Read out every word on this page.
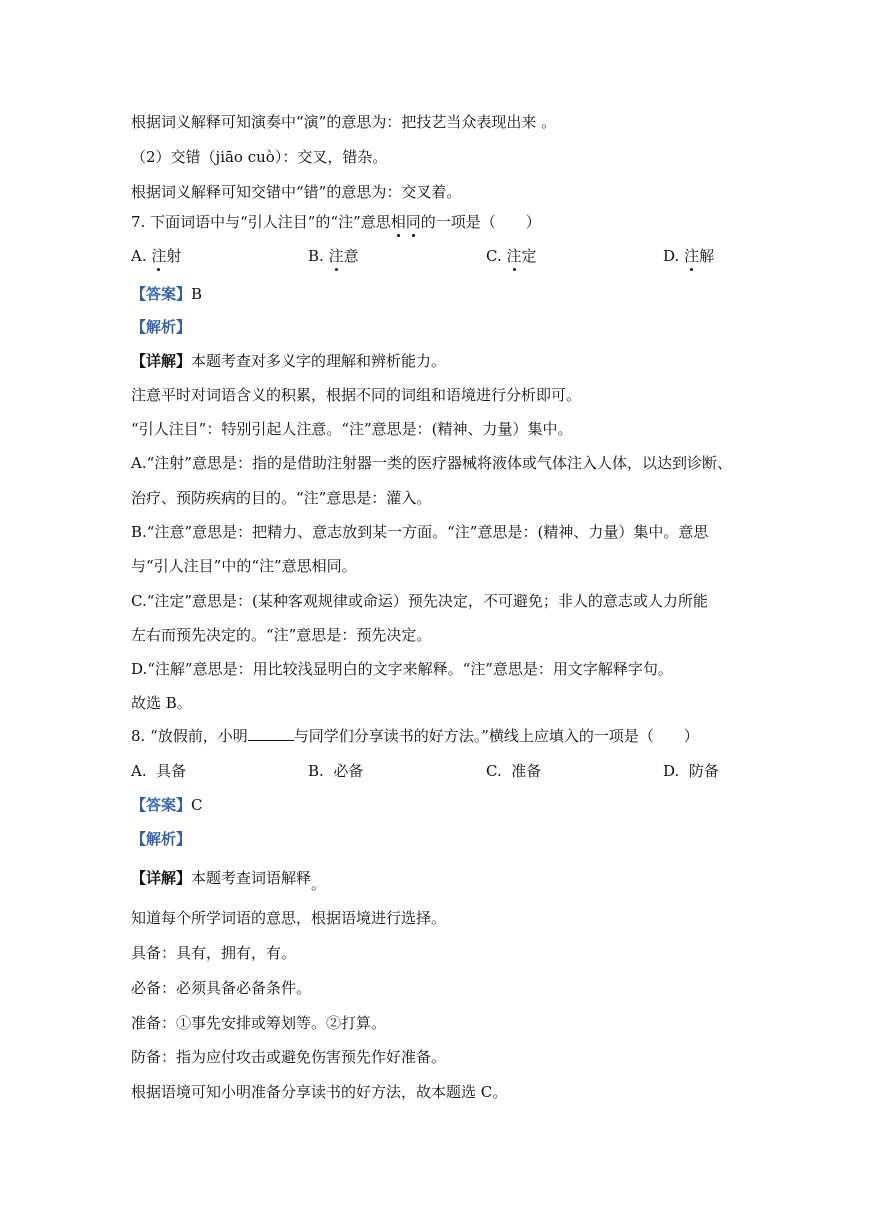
根据词义解释可知演奏中“演”的意思为：把技艺当众表现出来 。
（2）交错（jiāo cuò）：交叉，错杂。
根据词义解释可知交错中“错”的意思为：交叉着。
7. 下面词语中与“引人注目”的“注”意思相同的一项是（　　）
A. 注射	B. 注意	C. 注定	D. 注解
【答案】B
【解析】
【详解】本题考查对多义字的理解和辨析能力。
注意平时对词语含义的积累，根据不同的词组和语境进行分析即可。
“引人注目”：特别引起人注意。“注”意思是：(精神、力量）集中。
A.“注射”意思是：指的是借助注射器一类的医疗器械将液体或气体注入人体，以达到诊断、
治疗、预防疾病的目的。“注”意思是：灌入。
B.“注意”意思是：把精力、意志放到某一方面。“注”意思是：(精神、力量）集中。意思
与“引人注目”中的“注”意思相同。
C.“注定”意思是：(某种客观规律或命运）预先决定，不可避免；非人的意志或人力所能
左右而预先决定的。“注”意思是：预先决定。
D.“注解”意思是：用比较浅显明白的文字来解释。“注”意思是：用文字解释字句。
故选 B。
8. “放假前，小明	与同学们分享读书的好方法。”横线上应填入的一项是（　　）
A. 具备	B. 必备	C. 准备	D. 防备
【答案】C
【解析】
【详解】本题考查词语解释。
知道每个所学词语的意思，根据语境进行选择。
具备：具有，拥有，有。
必备：必须具备必备条件。
准备：①事先安排或筹划等。②打算。
防备：指为应付攻击或避免伤害预先作好准备。
根据语境可知小明准备分享读书的好方法，故本题选 C。
